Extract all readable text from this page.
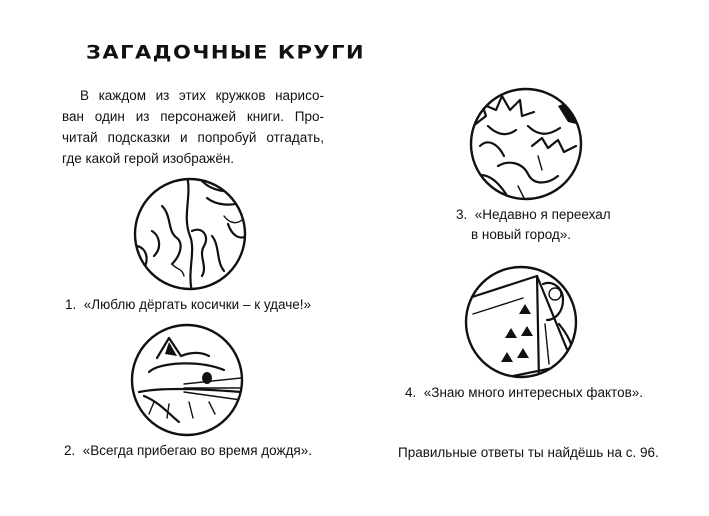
ЗАГАДОЧНЫЕ КРУГИ
В каждом из этих кружков нарисо-
ван один из персонажей книги. Про-
читай подсказки и попробуй отгадать,
где какой герой изображён.
1. «Люблю дёргать косички – к удаче!»
2. «Всегда прибегаю во время дождя».
3. «Недавно я переехал
в новый город».
4. «Знаю много интересных фактов».
Правильные ответы ты найдёшь на с. 96.
